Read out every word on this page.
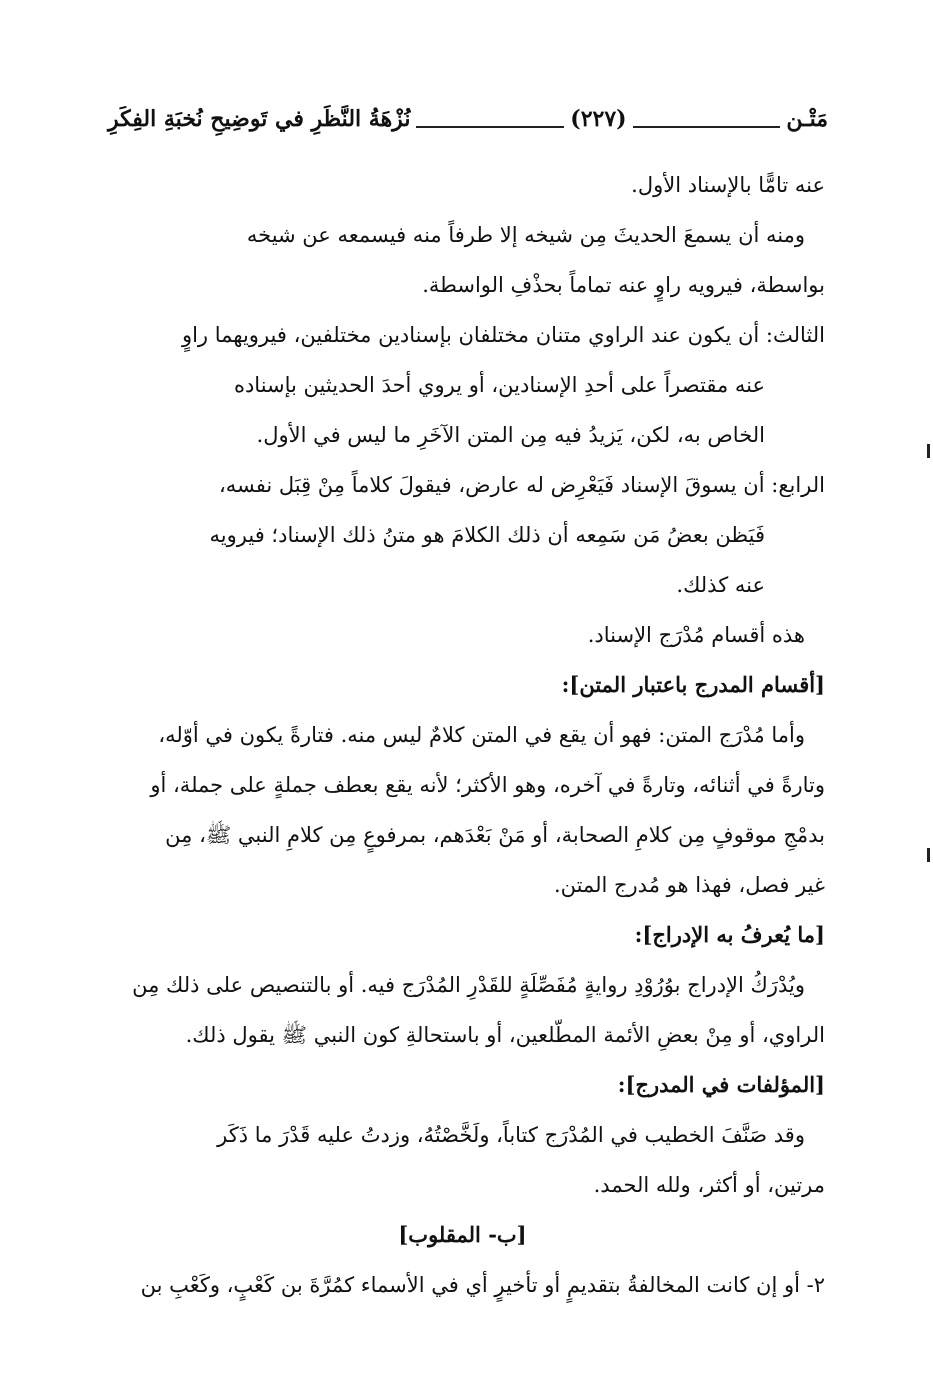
مَتْـن
(٢٢٧)
نُزْهَةُ النَّظَرِ في تَوضِيحِ نُخبَةِ الفِكَرِ
عنه تامًّا بالإسناد الأول.
ومنه أن يسمعَ الحديثَ مِن شيخه إلا طرفاً منه فيسمعه عن شيخه
بواسطة، فيرويه راوٍ عنه تماماً بحذْفِ الواسطة.
الثالث: أن يكون عند الراوي متنان مختلفان بإسنادين مختلفين، فيرويهما راوٍ
عنه مقتصراً على أحدِ الإسنادين، أو يروي أحدَ الحديثين بإسناده
الخاص به، لكن، يَزيدُ فيه مِن المتن الآخَرِ ما ليس في الأول.
الرابع: أن يسوقَ الإسناد فَيَعْرِض له عارض، فيقولَ كلاماً مِنْ قِبَل نفسه،
فَيَظن بعضُ مَن سَمِعه أن ذلك الكلامَ هو متنُ ذلك الإسناد؛ فيرويه
عنه كذلك.
هذه أقسام مُدْرَج الإسناد.
[أقسام المدرج باعتبار المتن]:
وأما مُدْرَج المتن: فهو أن يقع في المتن كلامٌ ليس منه. فتارةً يكون في أوّله،
وتارةً في أثنائه، وتارةً في آخره، وهو الأكثر؛ لأنه يقع بعطف جملةٍ على جملة، أو
بدمْجِ موقوفٍ مِن كلامِ الصحابة، أو مَنْ بَعْدَهم، بمرفوعٍ مِن كلامِ النبي ﷺ، مِن
غير فصل، فهذا هو مُدرج المتن.
[ما يُعرفُ به الإدراج]:
ويُدْرَكُ الإدراج بوُرُوْدِ روايةٍ مُفَصِّلَةٍ للقَدْرِ المُدْرَج فيه. أو بالتنصيص على ذلك مِن
الراوي، أو مِنْ بعضِ الأئمة المطّلعين، أو باستحالةِ كون النبي ﷺ يقول ذلك.
[المؤلفات في المدرج]:
وقد صَنَّفَ الخطيب في المُدْرَج كتاباً، ولَخَّصْتُهُ، وزدتُ عليه قَدْرَ ما ذَكَر
مرتين، أو أكثر، ولله الحمد.
[ب- المقلوب]
٢- أو إن كانت المخالفةُ بتقديمٍ أو تأخيرٍ أي في الأسماء كمُرَّةَ بن كَعْبٍ، وكَعْبِ بن
